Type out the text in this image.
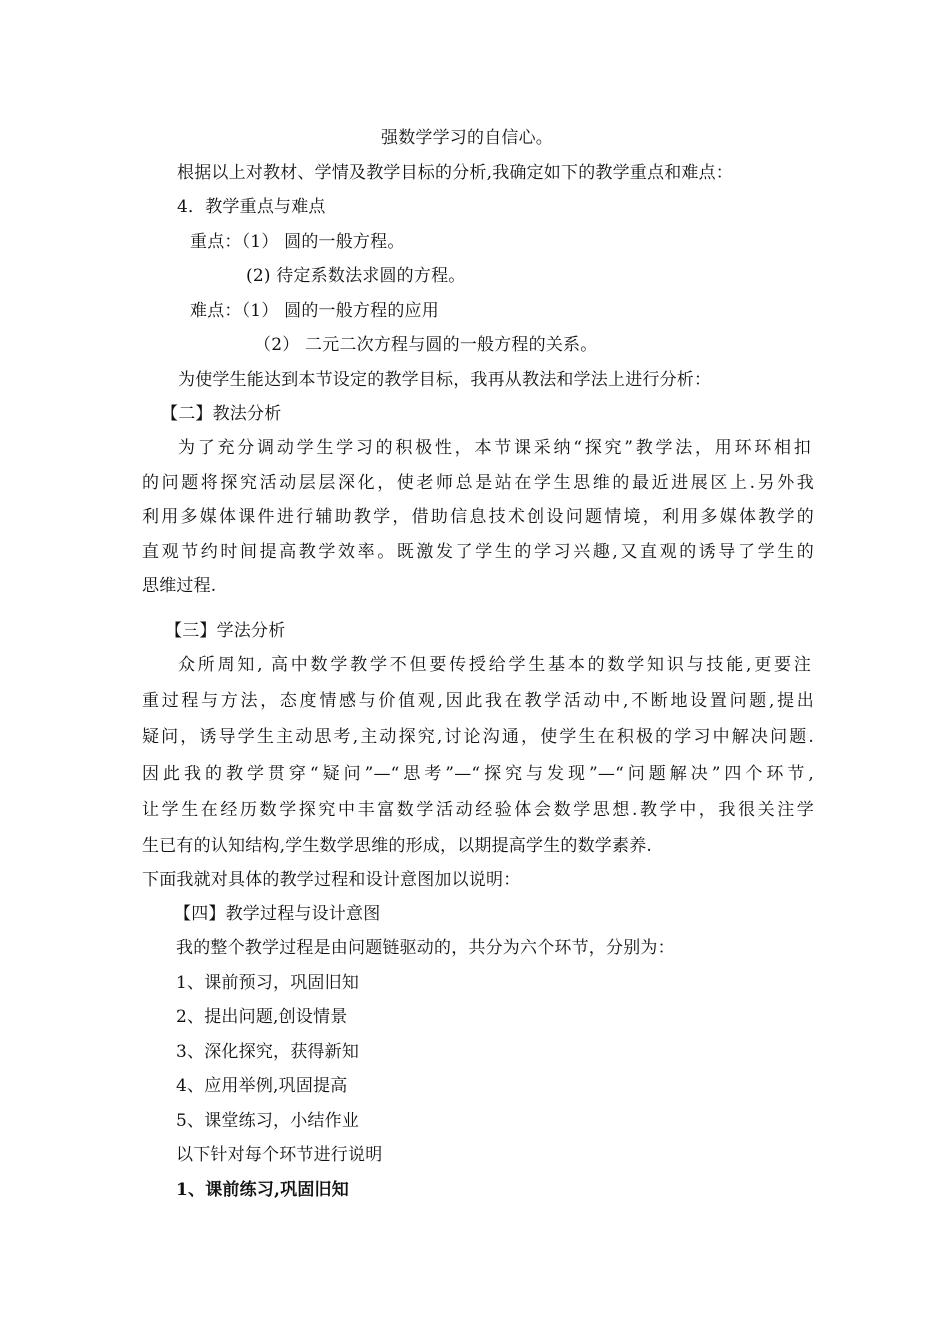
强数学学习的自信心。
根据以上对教材、学情及教学目标的分析,我确定如下的教学重点和难点：
4．教学重点与难点
重点：（1） 圆的一般方程。
(2) 待定系数法求圆的方程。
难点：（1） 圆的一般方程的应用
（2） 二元二次方程与圆的一般方程的关系。
为使学生能达到本节设定的教学目标，我再从教法和学法上进行分析：
【二】教法分析
为了充分调动学生学习的积极性，本节课采纳“探究”教学法，用环环相扣
的问题将探究活动层层深化，使老师总是站在学生思维的最近进展区上.另外我
利用多媒体课件进行辅助教学，借助信息技术创设问题情境，利用多媒体教学的
直观节约时间提高教学效率。既激发了学生的学习兴趣,又直观的诱导了学生的
思维过程.
【三】学法分析
众所周知, 高中数学教学不但要传授给学生基本的数学知识与技能,更要注
重过程与方法，态度情感与价值观,因此我在教学活动中,不断地设置问题,提出
疑问，诱导学生主动思考,主动探究,讨论沟通，使学生在积极的学习中解决问题.
因此我的教学贯穿“疑问”—“思考”—“探究与发现”—“问题解决”四个环节,
让学生在经历数学探究中丰富数学活动经验体会数学思想.教学中，我很关注学
生已有的认知结构,学生数学思维的形成，以期提高学生的数学素养.
下面我就对具体的教学过程和设计意图加以说明：
【四】教学过程与设计意图
我的整个教学过程是由问题链驱动的，共分为六个环节，分别为：
1、课前预习，巩固旧知
2、提出问题,创设情景
3、深化探究，获得新知
4、应用举例,巩固提高
5、课堂练习，小结作业
以下针对每个环节进行说明
1、课前练习,巩固旧知
